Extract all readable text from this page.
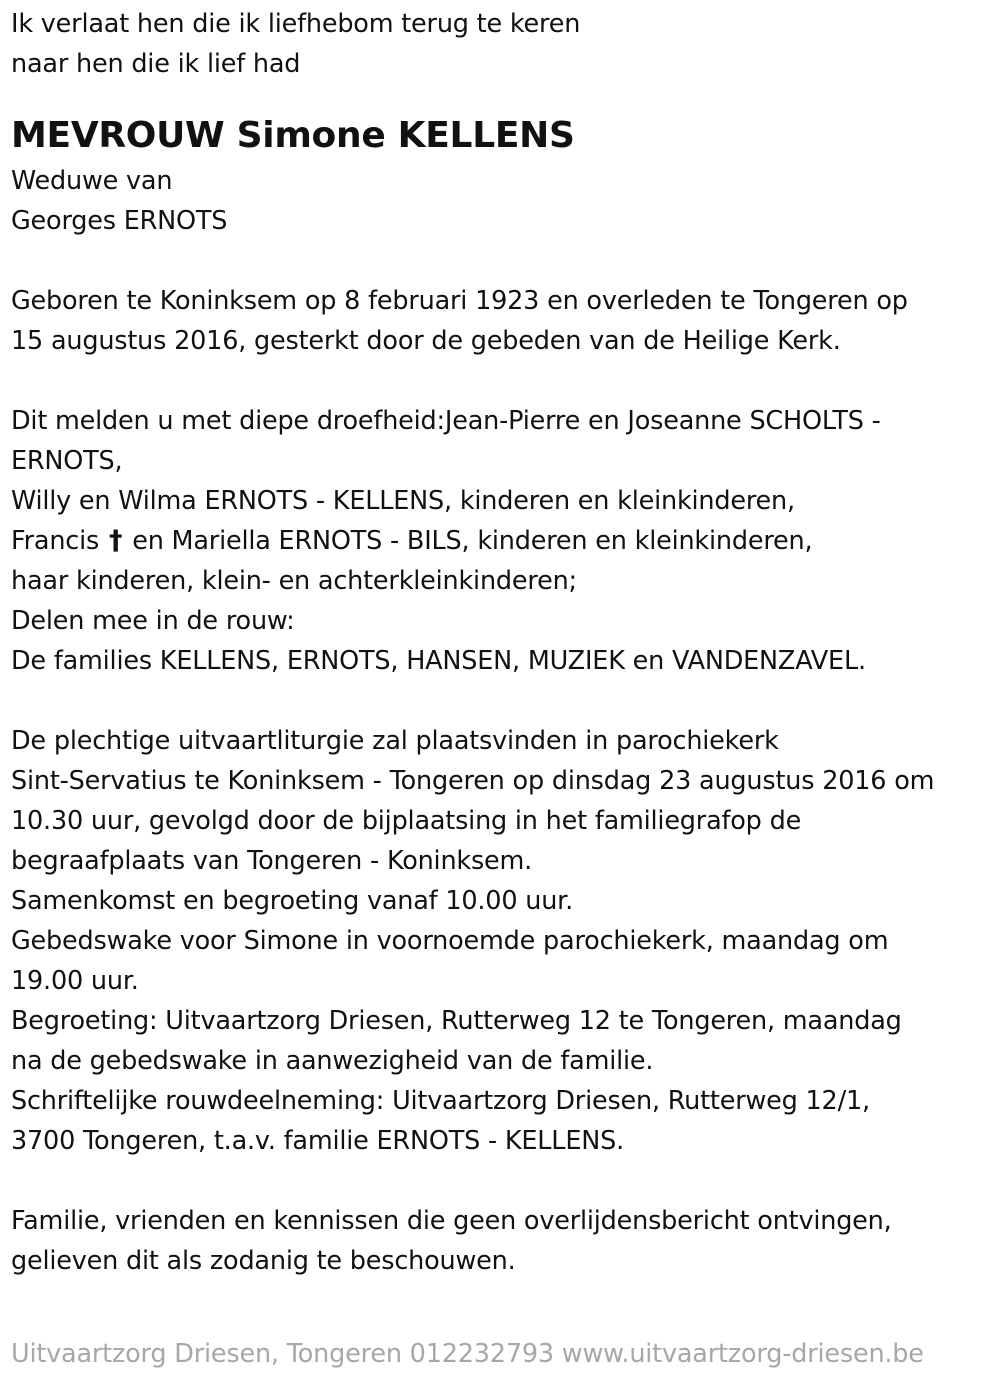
Ik verlaat hen die ik liefhebom terug te keren
naar hen die ik lief had
MEVROUW Simone KELLENS
Weduwe van
Georges ERNOTS
Geboren te Koninksem op 8 februari 1923 en overleden te Tongeren op
15 augustus 2016, gesterkt door de gebeden van de Heilige Kerk.
Dit melden u met diepe droefheid:Jean-Pierre en Joseanne SCHOLTS -
ERNOTS,
Willy en Wilma ERNOTS - KELLENS, kinderen en kleinkinderen,
Francis † en Mariella ERNOTS - BILS, kinderen en kleinkinderen,
haar kinderen, klein- en achterkleinkinderen;
Delen mee in de rouw:
De families KELLENS, ERNOTS, HANSEN, MUZIEK en VANDENZAVEL.
De plechtige uitvaartliturgie zal plaatsvinden in parochiekerk
Sint-Servatius te Koninksem - Tongeren op dinsdag 23 augustus 2016 om
10.30 uur, gevolgd door de bijplaatsing in het familiegrafop de
begraafplaats van Tongeren - Koninksem.
Samenkomst en begroeting vanaf 10.00 uur.
Gebedswake voor Simone in voornoemde parochiekerk, maandag om
19.00 uur.
Begroeting: Uitvaartzorg Driesen, Rutterweg 12 te Tongeren, maandag
na de gebedswake in aanwezigheid van de familie.
Schriftelijke rouwdeelneming: Uitvaartzorg Driesen, Rutterweg 12/1,
3700 Tongeren, t.a.v. familie ERNOTS - KELLENS.
Familie, vrienden en kennissen die geen overlijdensbericht ontvingen,
gelieven dit als zodanig te beschouwen.
Uitvaartzorg Driesen, Tongeren 012232793 www.uitvaartzorg-driesen.be
